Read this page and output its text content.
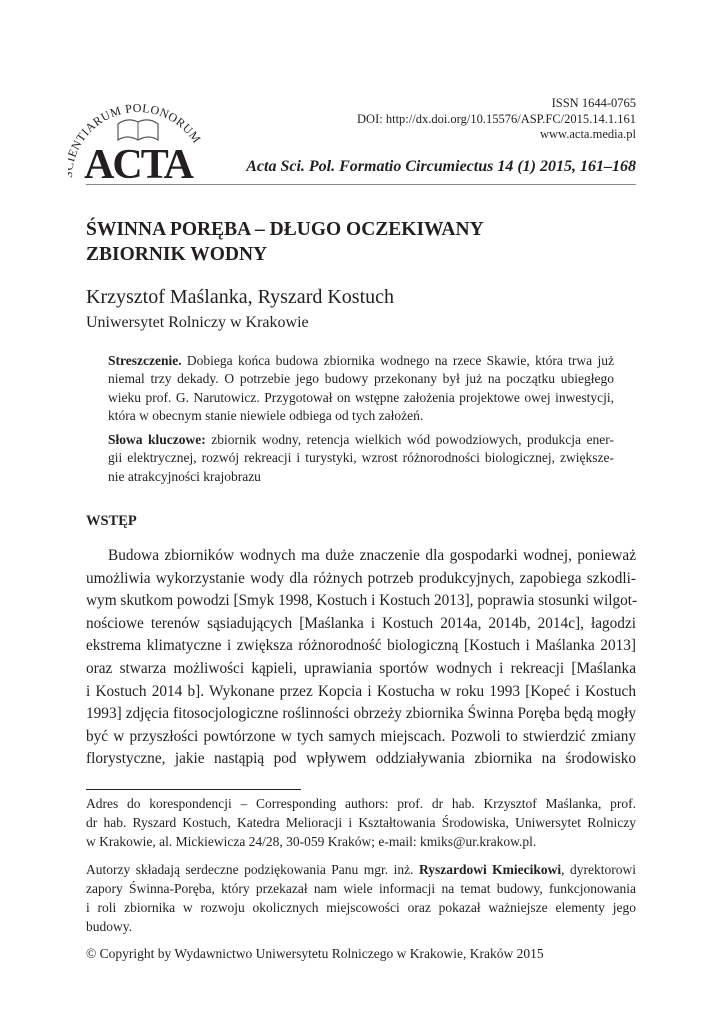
NTIARUM POLONORUM
ACTA
ISSN 1644-0765
DOI: http://dx.doi.org/10.15576/ASP.FC/2015.14.1.161
www.acta.media.pl
Acta Sci. Pol. Formatio Circumiectus 14 (1) 2015, 161–168
ŚWINNA PORĘBA – DŁUGO OCZEKIWANY
ZBIORNIK WODNY
Krzysztof Maślanka, Ryszard Kostuch
Uniwersytet Rolniczy w Krakowie
Streszczenie. Dobiega końca budowa zbiornika wodnego na rzece Skawie, która trwa już
niemal trzy dekady. O potrzebie jego budowy przekonany był już na początku ubiegłego
wieku prof. G. Narutowicz. Przygotował on wstępne założenia projektowe owej inwestycji,
która w obecnym stanie niewiele odbiega od tych założeń.
Słowa kluczowe: zbiornik wodny, retencja wielkich wód powodziowych, produkcja ener-
gii elektrycznej, rozwój rekreacji i turystyki, wzrost różnorodności biologicznej, zwiększe-
nie atrakcyjności krajobrazu
WSTĘP
Budowa zbiorników wodnych ma duże znaczenie dla gospodarki wodnej, ponieważ
umożliwia wykorzystanie wody dla różnych potrzeb produkcyjnych, zapobiega szkodli-
wym skutkom powodzi [Smyk 1998, Kostuch i Kostuch 2013], poprawia stosunki wilgot-
nościowe terenów sąsiadujących [Maślanka i Kostuch 2014a, 2014b, 2014c], łagodzi
ekstrema klimatyczne i zwiększa różnorodność biologiczną [Kostuch i Maślanka 2013]
oraz stwarza możliwości kąpieli, uprawiania sportów wodnych i rekreacji [Maślanka
i Kostuch 2014 b]. Wykonane przez Kopcia i Kostucha w roku 1993 [Kopeć i Kostuch
1993] zdjęcia fitosocjologiczne roślinności obrzeży zbiornika Świnna Poręba będą mogły
być w przyszłości powtórzone w tych samych miejscach. Pozwoli to stwierdzić zmiany
florystyczne, jakie nastąpią pod wpływem oddziaływania zbiornika na środowisko
Adres do korespondencji – Corresponding authors: prof. dr hab. Krzysztof Maślanka, prof.
dr hab. Ryszard Kostuch, Katedra Melioracji i Kształtowania Środowiska, Uniwersytet Rolniczy
w Krakowie, al. Mickiewicza 24/28, 30-059 Kraków; e-mail: kmiks@ur.krakow.pl.
Autorzy składają serdeczne podziękowania Panu mgr. inż. Ryszardowi Kmiecikowi, dyrektorowi
zapory Świnna-Poręba, który przekazał nam wiele informacji na temat budowy, funkcjonowania
i roli zbiornika w rozwoju okolicznych miejscowości oraz pokazał ważniejsze elementy jego
budowy.
© Copyright by Wydawnictwo Uniwersytetu Rolniczego w Krakowie, Kraków 2015
